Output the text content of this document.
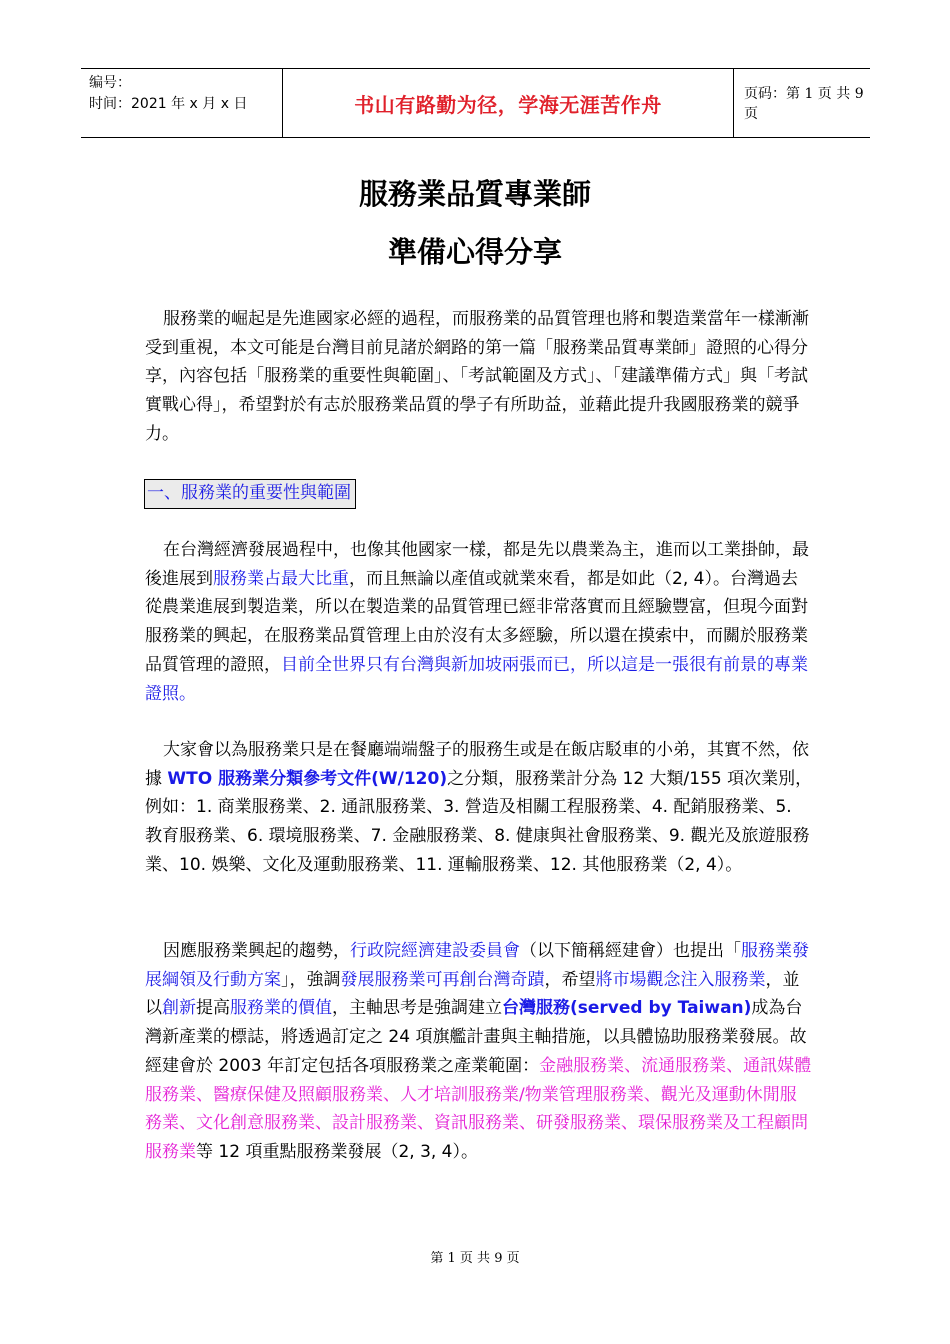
编号：
时间：2021 年 x 月 x 日	书山有路勤为径，学海无涯苦作舟	页码：第 1 页 共 9 页
服務業品質專業師
準備心得分享
服務業的崛起是先進國家必經的過程，而服務業的品質管理也將和製造業當年一樣漸漸受到重視，本文可能是台灣目前見諸於網路的第一篇「服務業品質專業師」證照的心得分享，內容包括「服務業的重要性與範圍」、「考試範圍及方式」、「建議準備方式」與「考試實戰心得」，希望對於有志於服務業品質的學子有所助益，並藉此提升我國服務業的競爭力。
一、服務業的重要性與範圍
在台灣經濟發展過程中，也像其他國家一樣，都是先以農業為主，進而以工業掛帥，最後進展到服務業占最大比重，而且無論以產值或就業來看，都是如此（2, 4）。台灣過去從農業進展到製造業，所以在製造業的品質管理已經非常落實而且經驗豐富，但現今面對服務業的興起，在服務業品質管理上由於沒有太多經驗，所以還在摸索中，而關於服務業品質管理的證照，目前全世界只有台灣與新加坡兩張而已，所以這是一張很有前景的專業證照。
大家會以為服務業只是在餐廳端端盤子的服務生或是在飯店駁車的小弟，其實不然，依據 WTO 服務業分類參考文件(W/120)之分類，服務業計分為 12 大類/155 項次業別，例如：1. 商業服務業、2. 通訊服務業、3. 營造及相關工程服務業、4. 配銷服務業、5. 教育服務業、6. 環境服務業、7. 金融服務業、8. 健康與社會服務業、9. 觀光及旅遊服務業、10. 娛樂、文化及運動服務業、11. 運輸服務業、12. 其他服務業（2, 4）。
因應服務業興起的趨勢，行政院經濟建設委員會（以下簡稱經建會）也提出「服務業發展綱領及行動方案」，強調發展服務業可再創台灣奇蹟，希望將市場觀念注入服務業，並以創新提高服務業的價值，主軸思考是強調建立台灣服務(served by Taiwan)成為台灣新產業的標誌，將透過訂定之 24 項旗艦計畫與主軸措施，以具體協助服務業發展。故經建會於 2003 年訂定包括各項服務業之產業範圍：金融服務業、流通服務業、通訊媒體服務業、醫療保健及照顧服務業、人才培訓服務業/物業管理服務業、觀光及運動休閒服務業、文化創意服務業、設計服務業、資訊服務業、研發服務業、環保服務業及工程顧問服務業等 12 項重點服務業發展（2, 3, 4）。
第 1 页 共 9 页
